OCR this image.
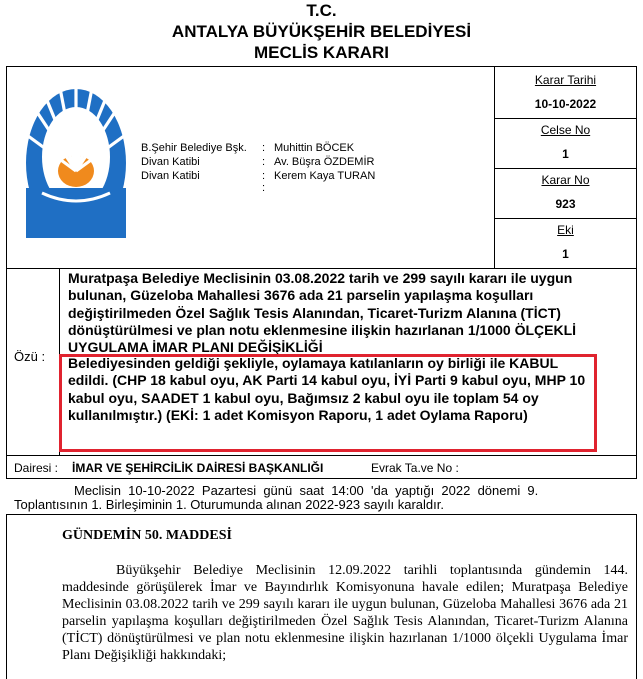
T.C.
ANTALYA BÜYÜKŞEHİR BELEDİYESİ
MECLİS KARARI
B.Şehir Belediye Bşk. : Muhittin BÖCEK
Divan Katibi	: Av. Büşra ÖZDEMİR
Divan Katibi	: Kerem Kaya TURAN
:
Karar Tarihi
10-10-2022
Celse No
1
Karar No
923
Eki
1
Özü :
Muratpaşa Belediye Meclisinin 03.08.2022 tarih ve 299 sayılı kararı ile uygun bulunan, Güzeloba Mahallesi 3676 ada 21 parselin yapılaşma koşulları değiştirilmeden Özel Sağlık Tesis Alanından, Ticaret-Turizm Alanına (TİCT) dönüştürülmesi ve plan notu eklenmesine ilişkin hazırlanan 1/1000 ÖLÇEKLİ UYGULAMA İMAR PLANI DEĞİŞİKLİĞİ
Belediyesinden geldiği şekliyle, oylamaya katılanların oy birliği ile KABUL edildi. (CHP 18 kabul oyu, AK Parti 14 kabul oyu, İYİ Parti 9 kabul oyu, MHP 10 kabul oyu, SAADET 1 kabul oyu, Bağımsız 2 kabul oyu ile toplam 54 oy kullanılmıştır.) (EKİ: 1 adet Komisyon Raporu, 1 adet Oylama Raporu)
Dairesi : İMAR VE ŞEHİRCİLİK DAİRESİ BAŞKANLIĞI	Evrak Ta.ve No :
Meclisin  10-10-2022  Pazartesi  günü  saat  14:00  'da  yaptığı  2022  dönemi  9.
Toplantısının 1. Birleşiminin 1. Oturumunda alınan 2022-923 sayılı karaldır.
GÜNDEMİN 50. MADDESİ
Büyükşehir Belediye Meclisinin 12.09.2022 tarihli toplantısında gündemin 144. maddesinde görüşülerek İmar ve Bayındırlık Komisyonuna havale edilen; Muratpaşa Belediye Meclisinin 03.08.2022 tarih ve 299 sayılı kararı ile uygun bulunan, Güzeloba Mahallesi 3676 ada 21 parselin yapılaşma koşulları değiştirilmeden Özel Sağlık Tesis Alanından, Ticaret-Turizm Alanına (TİCT) dönüştürülmesi ve plan notu eklenmesine ilişkin hazırlanan 1/1000 ölçekli Uygulama İmar Planı Değişikliği hakkındaki;
